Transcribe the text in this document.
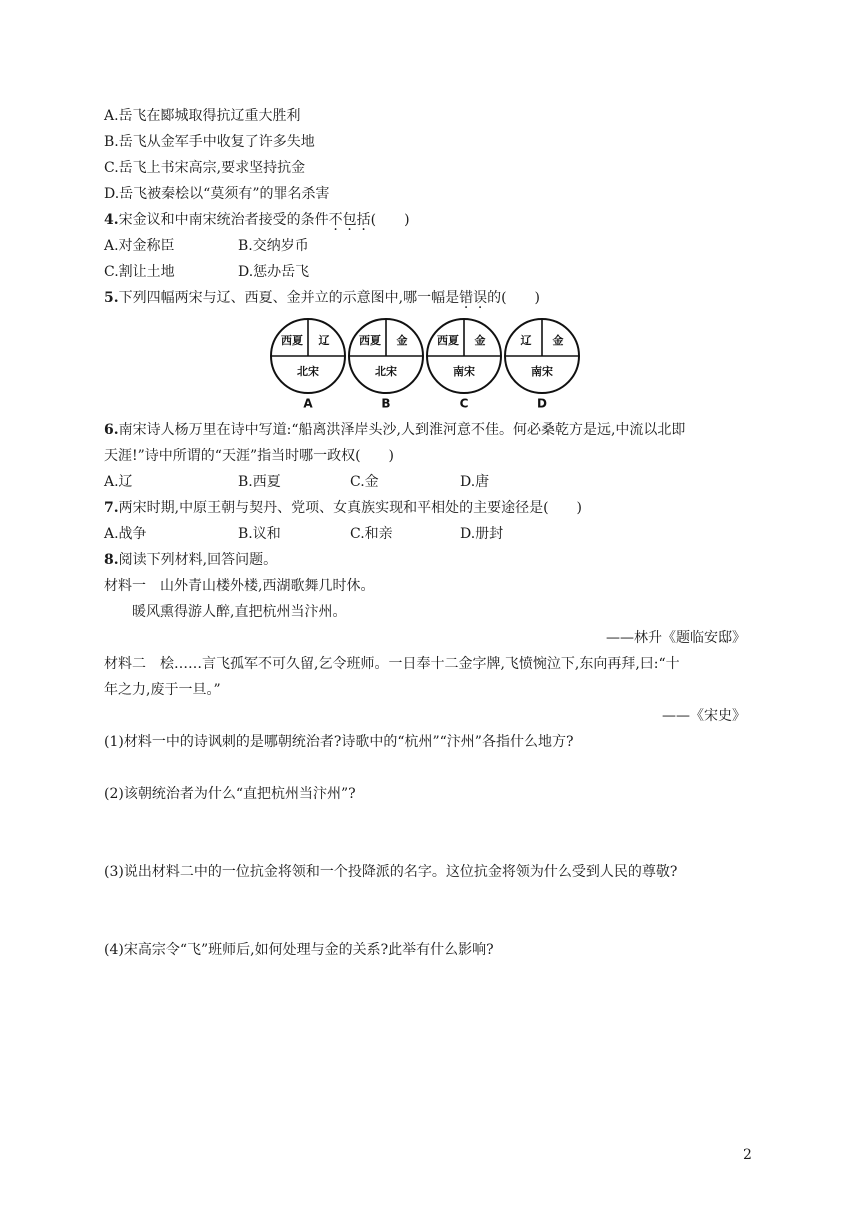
A.岳飞在郾城取得抗辽重大胜利
B.岳飞从金军手中收复了许多失地
C.岳飞上书宋高宗,要求坚持抗金
D.岳飞被秦桧以“莫须有”的罪名杀害
4.宋金议和中南宋统治者接受的条件不包括(　　)
A.对金称臣	B.交纳岁币
C.割让土地	D.惩办岳飞
5.下列四幅两宋与辽、西夏、金并立的示意图中,哪一幅是错误的(　　)
西夏 辽
北宋
A
西夏 金
北宋
B
西夏 金
南宋
C
辽 金
南宋
D
6.南宋诗人杨万里在诗中写道:“船离洪泽岸头沙,人到淮河意不佳。何必桑乾方是远,中流以北即
天涯!”诗中所谓的“天涯”指当时哪一政权(　　)
A.辽	B.西夏	C.金	D.唐
7.两宋时期,中原王朝与契丹、党项、女真族实现和平相处的主要途径是(　　)
A.战争	B.议和	C.和亲	D.册封
8.阅读下列材料,回答问题。
材料一　山外青山楼外楼,西湖歌舞几时休。
暖风熏得游人醉,直把杭州当汴州。
——林升《题临安邸》
材料二　桧……言飞孤军不可久留,乞令班师。一日奉十二金字牌,飞愤惋泣下,东向再拜,曰:“十
年之力,废于一旦。”
——《宋史》
(1)材料一中的诗讽刺的是哪朝统治者?诗歌中的“杭州”“汴州”各指什么地方?
(2)该朝统治者为什么“直把杭州当汴州”?
(3)说出材料二中的一位抗金将领和一个投降派的名字。这位抗金将领为什么受到人民的尊敬?
(4)宋高宗令“飞”班师后,如何处理与金的关系?此举有什么影响?
2
